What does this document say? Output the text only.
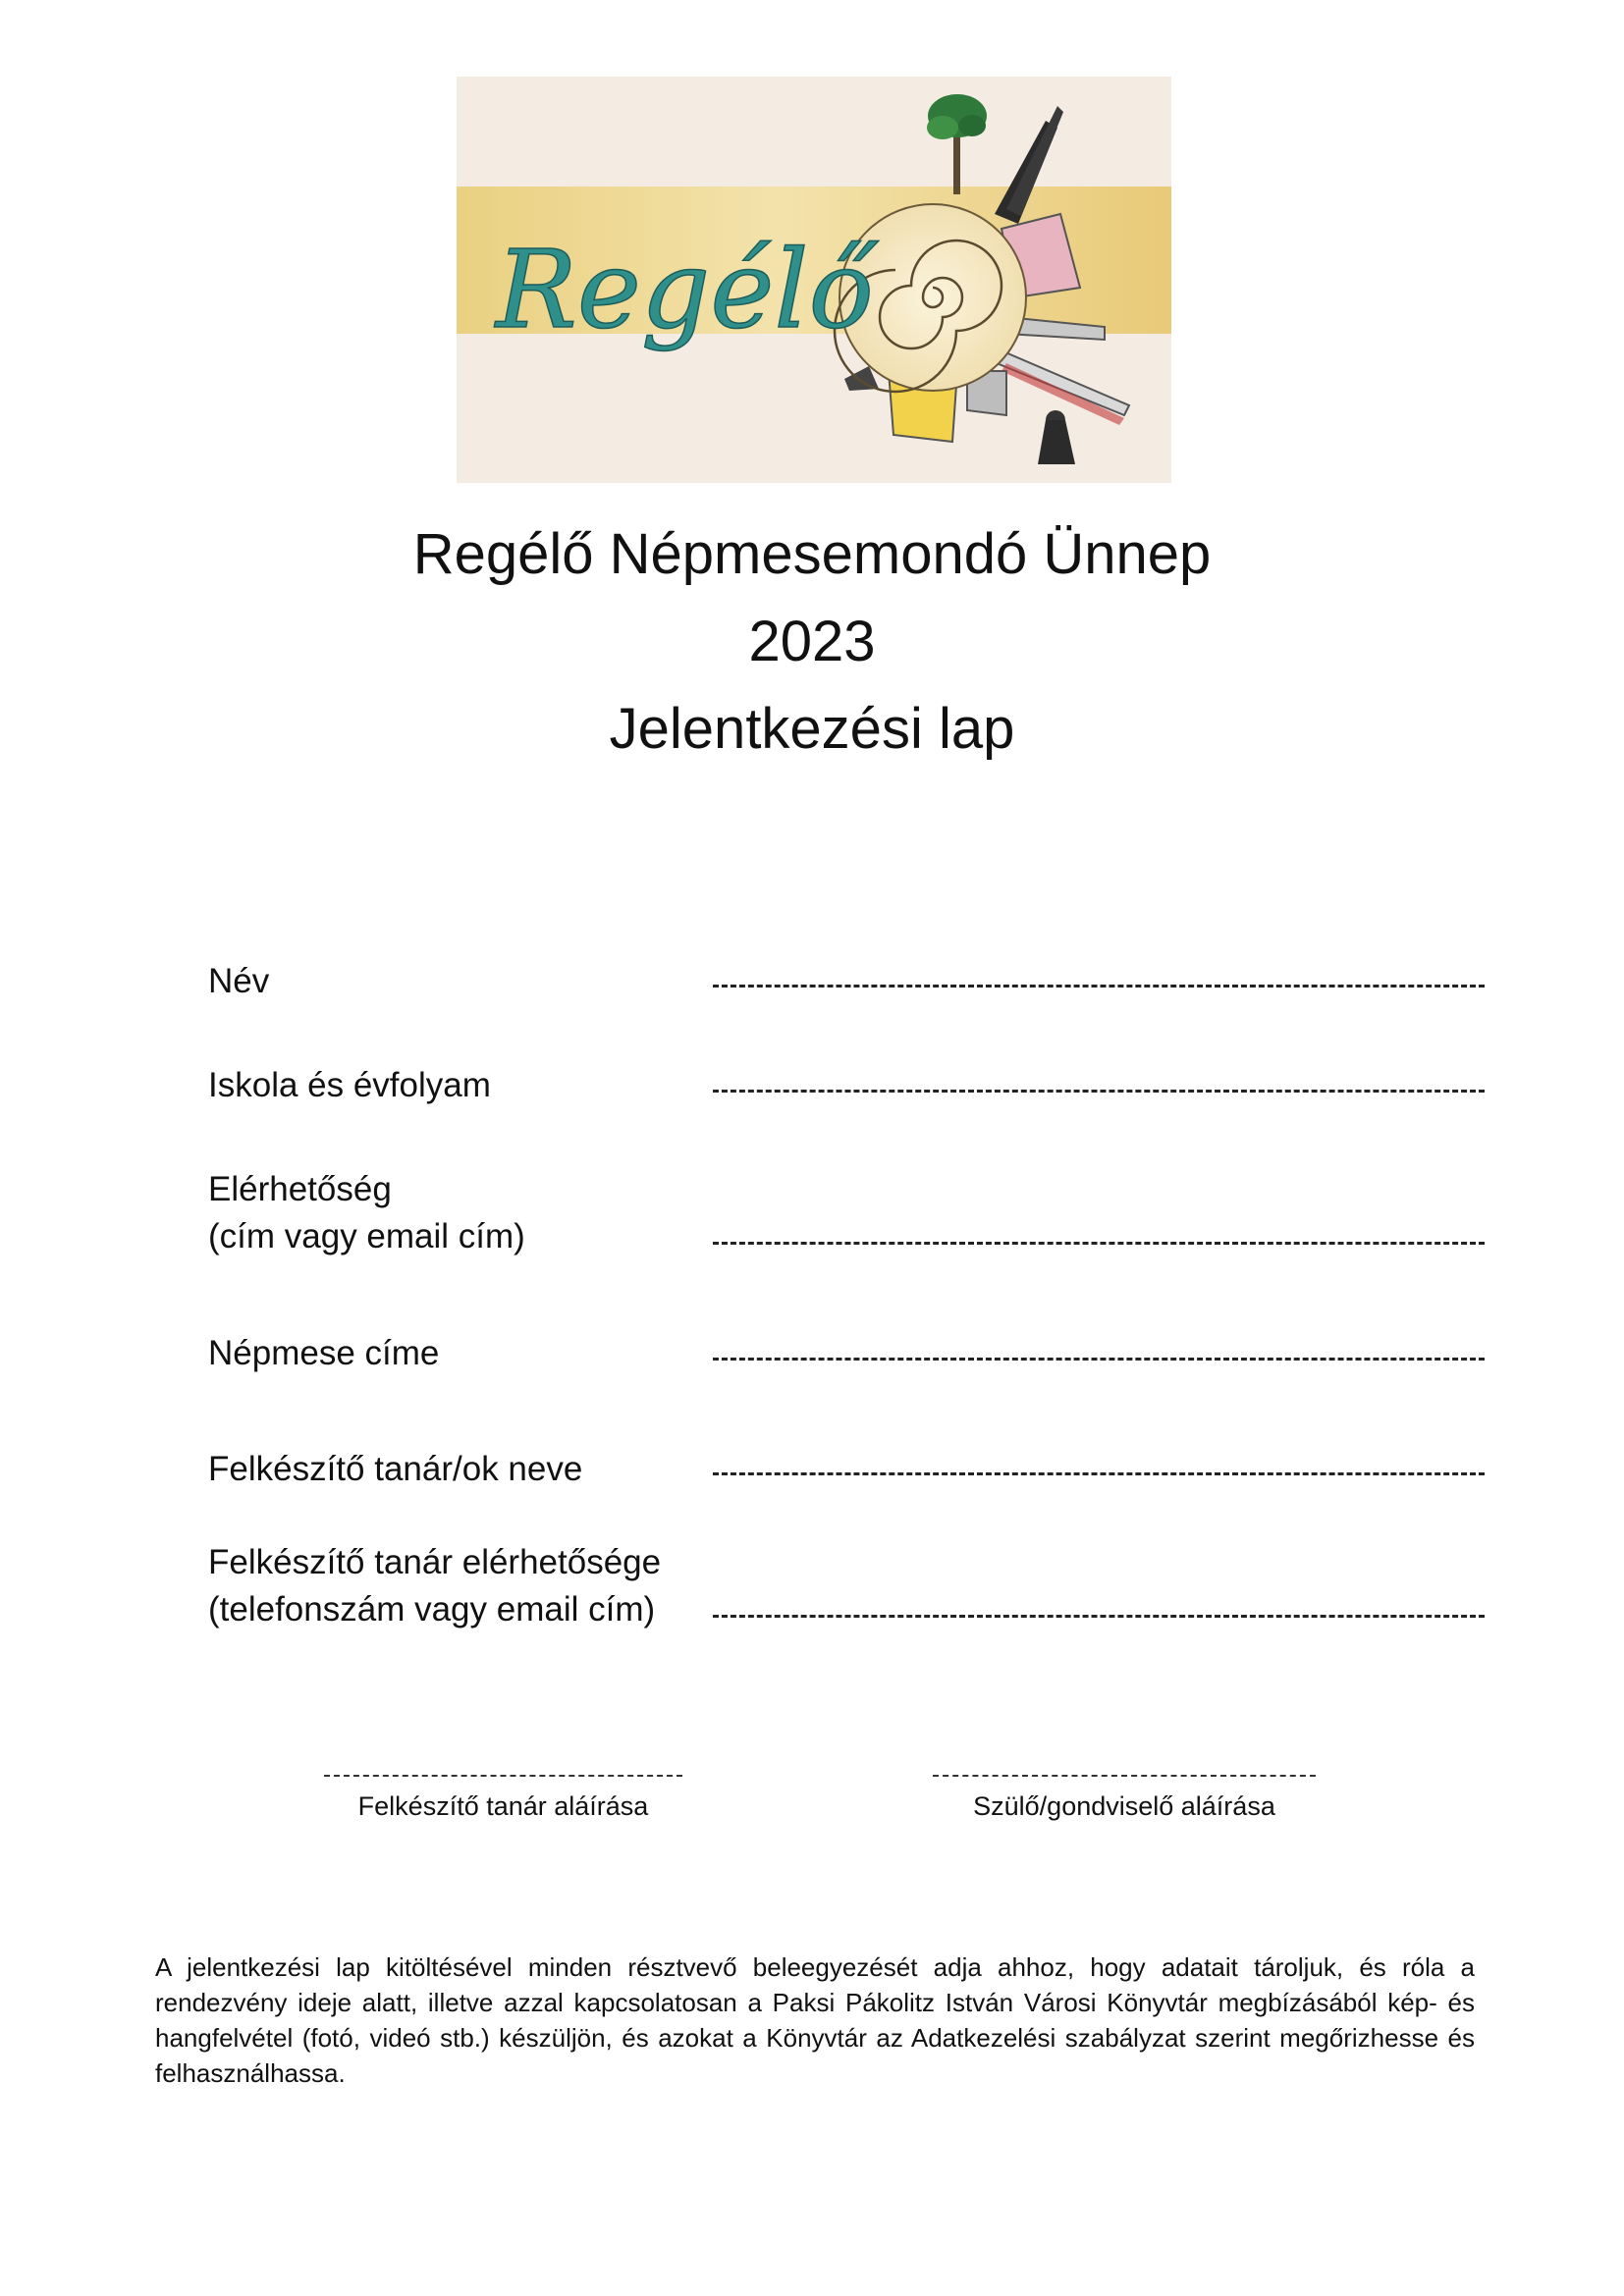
Regélő
Regélő Népmesemondó Ünnep
2023
Jelentkezési lap
Név
Iskola és évfolyam
Elérhetőség
(cím vagy email cím)
Népmese címe
Felkészítő tanár/ok neve
Felkészítő tanár elérhetősége
(telefonszám vagy email cím)
Felkészítő tanár aláírása	Szülő/gondviselő aláírása
A jelentkezési lap kitöltésével minden résztvevő beleegyezését adja ahhoz, hogy adatait tároljuk, és róla a rendezvény ideje alatt, illetve azzal kapcsolatosan a Paksi Pákolitz István Városi Könyvtár megbízásából kép- és hangfelvétel (fotó, videó stb.) készüljön, és azokat a Könyvtár az Adatkezelési szabályzat szerint megőrizhesse és felhasználhassa.
